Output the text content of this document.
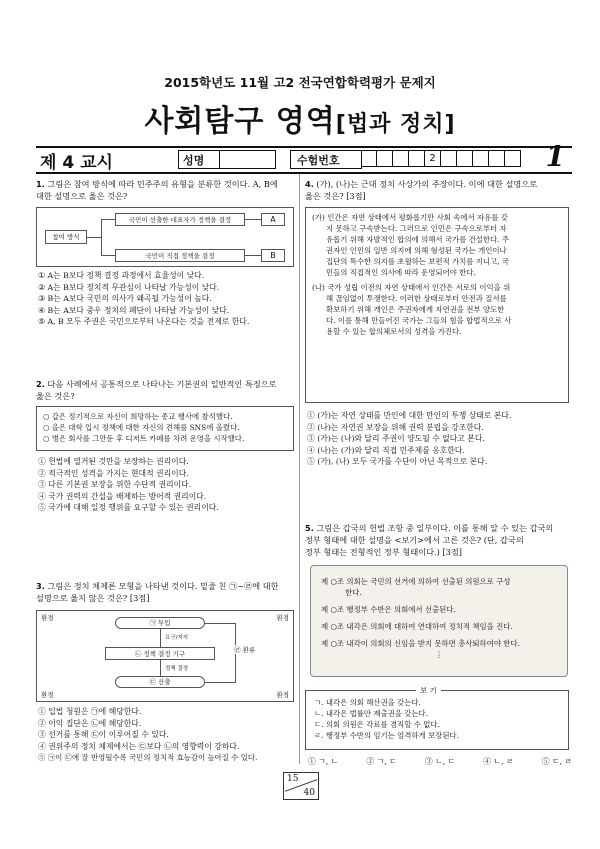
2015학년도 11월 고2 전국연합학력평가 문제지
사회탐구 영역[법과 정치]
제 4 교시	성명	수험번호	2	1
1. 그림은 참여 방식에 따라 민주주의 유형을 분류한 것이다. A, B에
대한 설명으로 옳은 것은?
참여 방식
국민이 선출한 대표자가 정책을 결정
국민이 직접 정책을 결정
A
B
① A는 B보다 정책 결정 과정에서 효율성이 낮다.
② A는 B보다 정치적 무관심이 나타날 가능성이 낮다.
③ B는 A보다 국민의 의사가 왜곡될 가능성이 높다.
④ B는 A보다 중우 정치의 폐단이 나타날 가능성이 낮다.
⑤ A, B 모두 주권은 국민으로부터 나온다는 것을 전제로 한다.
2. 다음 사례에서 공통적으로 나타나는 기본권의 일반적인 특징으로
옳은 것은?
○ 갑은 정기적으로 자신이 희망하는 종교 행사에 참석했다.
○ 을은 대학 입시 정책에 대한 자신의 견해를 SNS에 올렸다.
○ 병은 회사를 그만둔 후 디저트 카페를 차려 운영을 시작했다.
① 헌법에 열거된 것만을 보장하는 권리이다.
② 적극적인 성격을 가지는 현대적 권리이다.
③ 다른 기본권 보장을 위한 수단적 권리이다.
④ 국가 권력의 간섭을 배제하는 방어적 권리이다.
⑤ 국가에 대해 일정 행위를 요구할 수 있는 권리이다.
3. 그림은 정치 체제론 모형을 나타낸 것이다. 밑줄 친 ㉠~㉣에 대한
설명으로 옳지 않은 것은? [3점]
환경	환경
환경	환경
㉠ 투입
요구/지지
㉡ 정책 결정 기구
정책 결정
㉢ 산출
㉣ 환류
① 입법 청원은 ㉠에 해당한다.
② 이익 집단은 ㉡에 해당한다.
③ 선거를 통해 ㉢이 이루어질 수 있다.
④ 권위주의 정치 체제에서는 ㉢보다 ㉡의 영향력이 강하다.
⑤ ㉠이 ㉢에 잘 반영될수록 국민의 정치적 효능감이 높아질 수 있다.
4. (가), (나)는 근대 정치 사상가의 주장이다. 이에 대한 설명으로
옳은 것은? [3점]
(가) 인간은 자연 상태에서 평화롭기만 사회 속에서 자유를 갖
지 못하고 구속받는다. 그러므로 인민은 구속으로부터 자
유롭기 위해 자발적인 합의에 의해서 국가를 건설한다. 주
권자인 인민의 일반 의지에 의해 형성된 국가는 개인이나
집단의 특수한 의지를 초월하는 보편적 가치를 지니고, 국
민들의 직접적인 의사에 따라 운영되어야 한다.
(나) 국가 성립 이전의 자연 상태에서 인간은 서로의 이익을 위
해 끊임없이 투쟁한다. 이러한 상태로부터 안전과 질서를
확보하기 위해 개인은 주권자에게 자연권을 전부 양도한
다. 이를 통해 만들어진 국가는 그들의 힘을 합법적으로 사
용할 수 있는 합의체로서의 성격을 가진다.
① (가)는 자연 상태를 만인에 대한 만인의 투쟁 상태로 본다.
② (나)는 자연권 보장을 위해 권력 분립을 강조한다.
③ (가)는 (나)와 달리 주권이 양도될 수 없다고 본다.
④ (나)는 (가)와 달리 직접 민주제를 옹호한다.
⑤ (가), (나) 모두 국가를 수단이 아닌 목적으로 본다.
5. 그림은 갑국의 헌법 조항 중 일부이다. 이를 통해 알 수 있는 갑국의
정부 형태에 대한 설명을 <보기>에서 고른 것은? (단, 갑국의
정부 형태는 전형적인 정부 형태이다.) [3점]
제 ○조 의회는 국민의 선거에 의하여 선출된 의원으로 구성
한다.
제 ○조 행정부 수반은 의회에서 선출된다.
제 ○조 내각은 의회에 대하여 연대하여 정치적 책임을 진다.
제 ○조 내각이 의회의 신임을 받지 못하면 총사퇴하여야 한다.
⋮
보 기
ㄱ. 내각은 의회 해산권을 갖는다.
ㄴ. 내각은 법률안 제출권을 갖는다.
ㄷ. 의회 의원은 각료를 겸직할 수 없다.
ㄹ. 행정부 수반의 임기는 엄격하게 보장된다.
① ㄱ, ㄴ	② ㄱ, ㄷ	③ ㄴ, ㄷ	④ ㄴ, ㄹ	⑤ ㄷ, ㄹ
15
40
